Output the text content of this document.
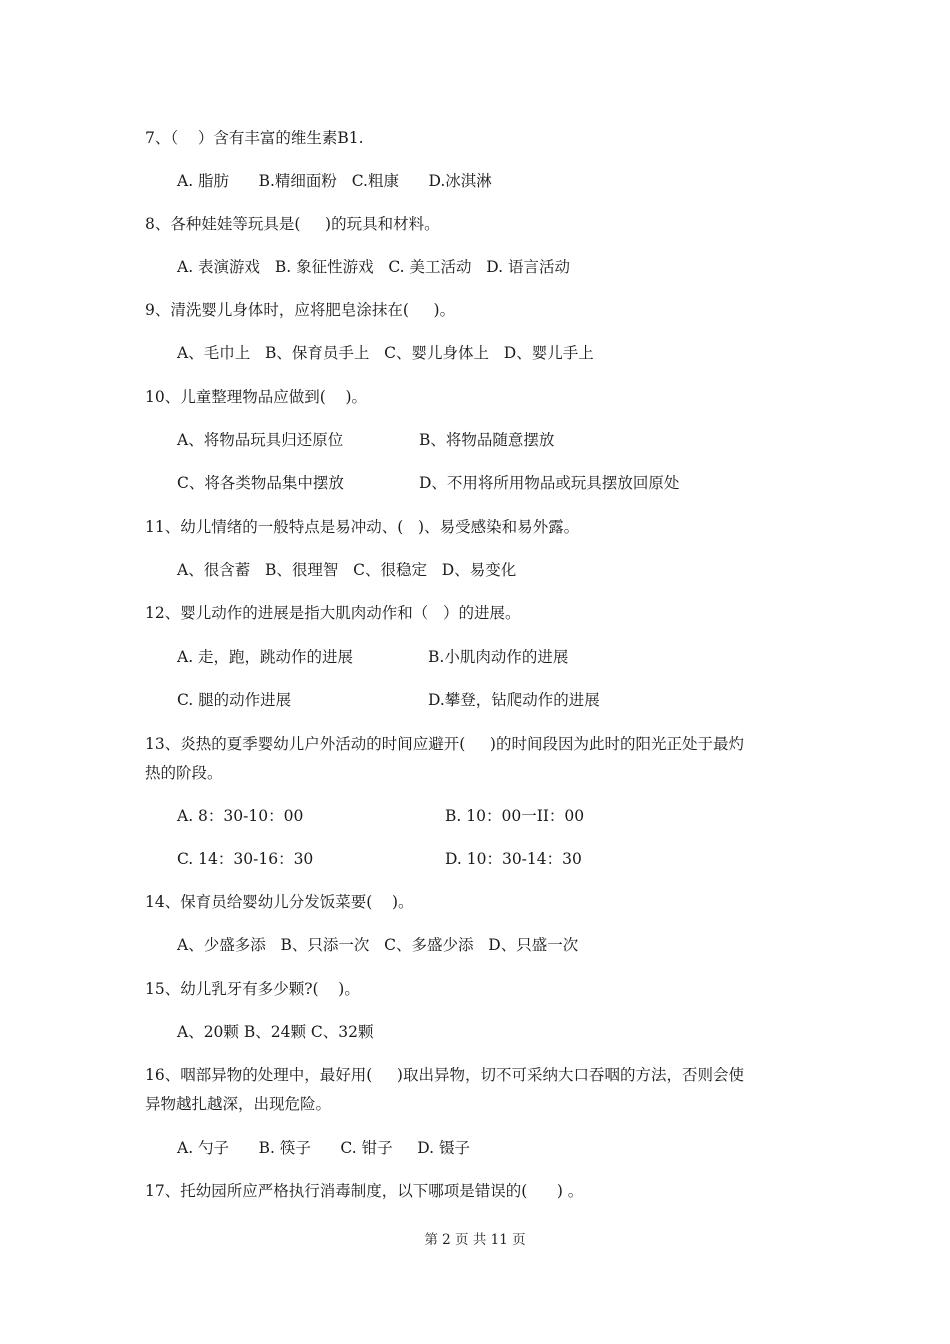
7、（    ）含有丰富的维生素B1.

A. 脂肪      B.精细面粉   C.粗康      D.冰淇淋

8、各种娃娃等玩具是(     )的玩具和材料。

A. 表演游戏   B. 象征性游戏   C. 美工活动   D. 语言活动

9、清洗婴儿身体时，应将肥皂涂抹在(     )。

A、毛巾上   B、保育员手上   C、婴儿身体上   D、婴儿手上

10、儿童整理物品应做到(    )。

A、将物品玩具归还原位	B、将物品随意摆放

C、将各类物品集中摆放	D、不用将所用物品或玩具摆放回原处

11、幼儿情绪的一般特点是易冲动、(   )、易受感染和易外露。

A、很含蓄   B、很理智   C、很稳定   D、易变化

12、婴儿动作的进展是指大肌肉动作和（   ）的进展。

A. 走，跑，跳动作的进展	B.小肌肉动作的进展

C. 腿的动作进展	D.攀登，钻爬动作的进展

13、炎热的夏季婴幼儿户外活动的时间应避开(     )的时间段因为此时的阳光正处于最灼

热的阶段。

A. 8：30-10：00	B. 10：00一II：00

C. 14：30-16：30	D. 10：30-14：30

14、保育员给婴幼儿分发饭菜要(    )。

A、少盛多添   B、只添一次   C、多盛少添   D、只盛一次

15、幼儿乳牙有多少颗?(    )。

A、20颗 B、24颗 C、32颗

16、咽部异物的处理中，最好用(     )取出异物，切不可采纳大口吞咽的方法，否则会使

异物越扎越深，出现危险。

A. 勺子      B. 筷子      C. 钳子     D. 镊子

17、托幼园所应严格执行消毒制度，以下哪项是错误的(      ) 。

第 2 页 共 11 页
